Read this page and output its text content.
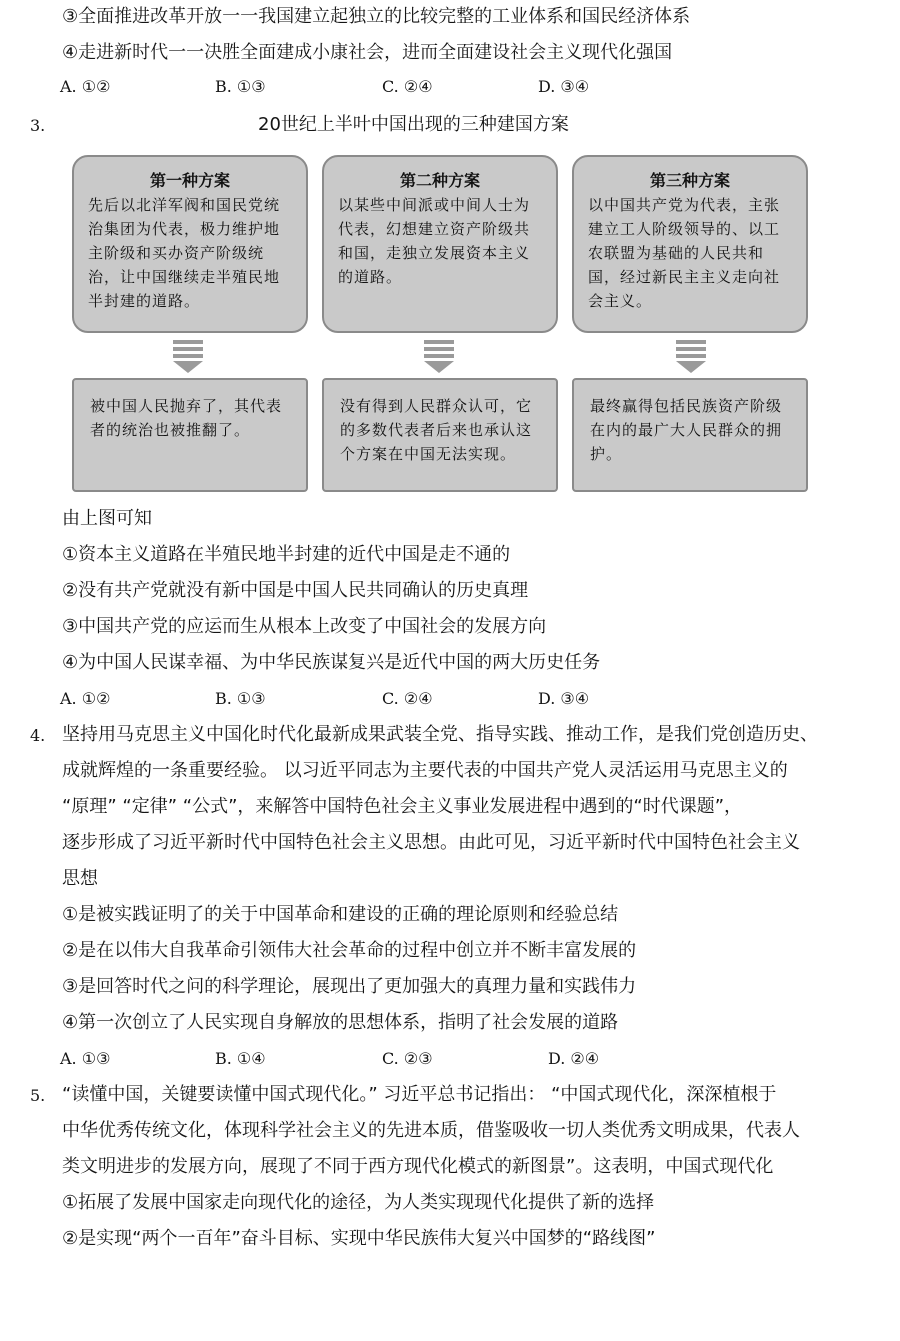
③全面推进改革开放一一我国建立起独立的比较完整的工业体系和国民经济体系
④走进新时代一一决胜全面建成小康社会，进而全面建设社会主义现代化强国
A. ①②	B. ①③	C. ②④	D. ③④
3.	20世纪上半叶中国出现的三种建国方案
第一种方案
先后以北洋军阀和国民党统治集团为代表，极力维护地主阶级和买办资产阶级统治，让中国继续走半殖民地半封建的道路。
第二种方案
以某些中间派或中间人士为代表，幻想建立资产阶级共和国，走独立发展资本主义的道路。
第三种方案
以中国共产党为代表，主张建立工人阶级领导的、以工农联盟为基础的人民共和国，经过新民主主义走向社会主义。
被中国人民抛弃了，其代表者的统治也被推翻了。
没有得到人民群众认可，它的多数代表者后来也承认这个方案在中国无法实现。
最终赢得包括民族资产阶级在内的最广大人民群众的拥护。
由上图可知
①资本主义道路在半殖民地半封建的近代中国是走不通的
②没有共产党就没有新中国是中国人民共同确认的历史真理
③中国共产党的应运而生从根本上改变了中国社会的发展方向
④为中国人民谋幸福、为中华民族谋复兴是近代中国的两大历史任务
A. ①②	B. ①③	C. ②④	D. ③④
4. 坚持用马克思主义中国化时代化最新成果武装全党、指导实践、推动工作，是我们党创造历史、
成就辉煌的一条重要经验。 以习近平同志为主要代表的中国共产党人灵活运用马克思主义的
“原理” “定律” “公式”，来解答中国特色社会主义事业发展进程中遇到的“时代课题”，
逐步形成了习近平新时代中国特色社会主义思想。由此可见，习近平新时代中国特色社会主义
思想
①是被实践证明了的关于中国革命和建设的正确的理论原则和经验总结
②是在以伟大自我革命引领伟大社会革命的过程中创立并不断丰富发展的
③是回答时代之问的科学理论，展现出了更加强大的真理力量和实践伟力
④第一次创立了人民实现自身解放的思想体系，指明了社会发展的道路
A. ①③	B. ①④	C. ②③	D. ②④
5. “读懂中国，关键要读懂中国式现代化。” 习近平总书记指出： “中国式现代化，深深植根于
中华优秀传统文化，体现科学社会主义的先进本质，借鉴吸收一切人类优秀文明成果，代表人
类文明进步的发展方向，展现了不同于西方现代化模式的新图景”。这表明，中国式现代化
①拓展了发展中国家走向现代化的途径，为人类实现现代化提供了新的选择
②是实现“两个一百年”奋斗目标、实现中华民族伟大复兴中国梦的“路线图”
